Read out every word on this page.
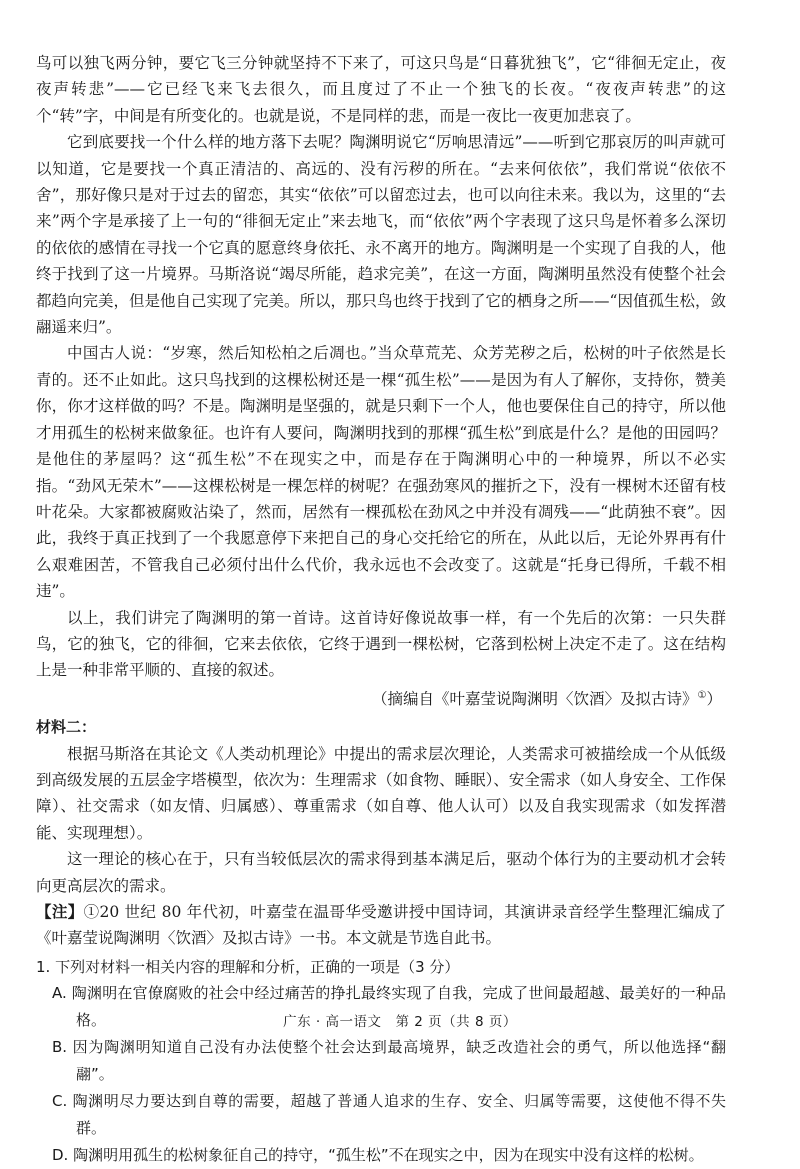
鸟可以独飞两分钟，要它飞三分钟就坚持不下来了，可这只鸟是“日暮犹独飞”，它“徘徊无定止，夜夜声转悲”——它已经飞来飞去很久，而且度过了不止一个独飞的长夜。“夜夜声转悲”的这个“转”字，中间是有所变化的。也就是说，不是同样的悲，而是一夜比一夜更加悲哀了。

它到底要找一个什么样的地方落下去呢？陶渊明说它“厉响思清远”——听到它那哀厉的叫声就可以知道，它是要找一个真正清洁的、高远的、没有污秽的所在。“去来何依依”，我们常说“依依不舍”，那好像只是对于过去的留恋，其实“依依”可以留恋过去，也可以向往未来。我以为，这里的“去来”两个字是承接了上一句的“徘徊无定止”来去地飞，而“依依”两个字表现了这只鸟是怀着多么深切的依依的感情在寻找一个它真的愿意终身依托、永不离开的地方。陶渊明是一个实现了自我的人，他终于找到了这一片境界。马斯洛说“竭尽所能，趋求完美”，在这一方面，陶渊明虽然没有使整个社会都趋向完美，但是他自己实现了完美。所以，那只鸟也终于找到了它的栖身之所——“因值孤生松，敛翮遥来归”。

中国古人说：“岁寒，然后知松柏之后凋也。”当众草荒芜、众芳芜秽之后，松树的叶子依然是长青的。还不止如此。这只鸟找到的这棵松树还是一棵“孤生松”——是因为有人了解你，支持你，赞美你，你才这样做的吗？不是。陶渊明是坚强的，就是只剩下一个人，他也要保住自己的持守，所以他才用孤生的松树来做象征。也许有人要问，陶渊明找到的那棵“孤生松”到底是什么？是他的田园吗？是他住的茅屋吗？这“孤生松”不在现实之中，而是存在于陶渊明心中的一种境界，所以不必实指。“劲风无荣木”——这棵松树是一棵怎样的树呢？在强劲寒风的摧折之下，没有一棵树木还留有枝叶花朵。大家都被腐败沾染了，然而，居然有一棵孤松在劲风之中并没有凋残——“此荫独不衰”。因此，我终于真正找到了一个我愿意停下来把自己的身心交托给它的所在，从此以后，无论外界再有什么艰难困苦，不管我自己必须付出什么代价，我永远也不会改变了。这就是“托身已得所，千载不相违”。

以上，我们讲完了陶渊明的第一首诗。这首诗好像说故事一样，有一个先后的次第：一只失群鸟，它的独飞，它的徘徊，它来去依依，它终于遇到一棵松树，它落到松树上决定不走了。这在结构上是一种非常平顺的、直接的叙述。

（摘编自《叶嘉莹说陶渊明〈饮酒〉及拟古诗》①）

材料二：

根据马斯洛在其论文《人类动机理论》中提出的需求层次理论，人类需求可被描绘成一个从低级到高级发展的五层金字塔模型，依次为：生理需求（如食物、睡眠）、安全需求（如人身安全、工作保障）、社交需求（如友情、归属感）、尊重需求（如自尊、他人认可）以及自我实现需求（如发挥潜能、实现理想）。

这一理论的核心在于，只有当较低层次的需求得到基本满足后，驱动个体行为的主要动机才会转向更高层次的需求。

【注】①20 世纪 80 年代初，叶嘉莹在温哥华受邀讲授中国诗词，其演讲录音经学生整理汇编成了《叶嘉莹说陶渊明〈饮酒〉及拟古诗》一书。本文就是节选自此书。

1. 下列对材料一相关内容的理解和分析，正确的一项是（3 分）

A. 陶渊明在官僚腐败的社会中经过痛苦的挣扎最终实现了自我，完成了世间最超越、最美好的一种品格。

B. 因为陶渊明知道自己没有办法使整个社会达到最高境界，缺乏改造社会的勇气，所以他选择“翻翮”。

C. 陶渊明尽力要达到自尊的需要，超越了普通人追求的生存、安全、归属等需要，这使他不得不失群。

D. 陶渊明用孤生的松树象征自己的持守，“孤生松”不在现实之中，因为在现实中没有这样的松树。

广东 · 高一语文　第 2 页（共 8 页）
